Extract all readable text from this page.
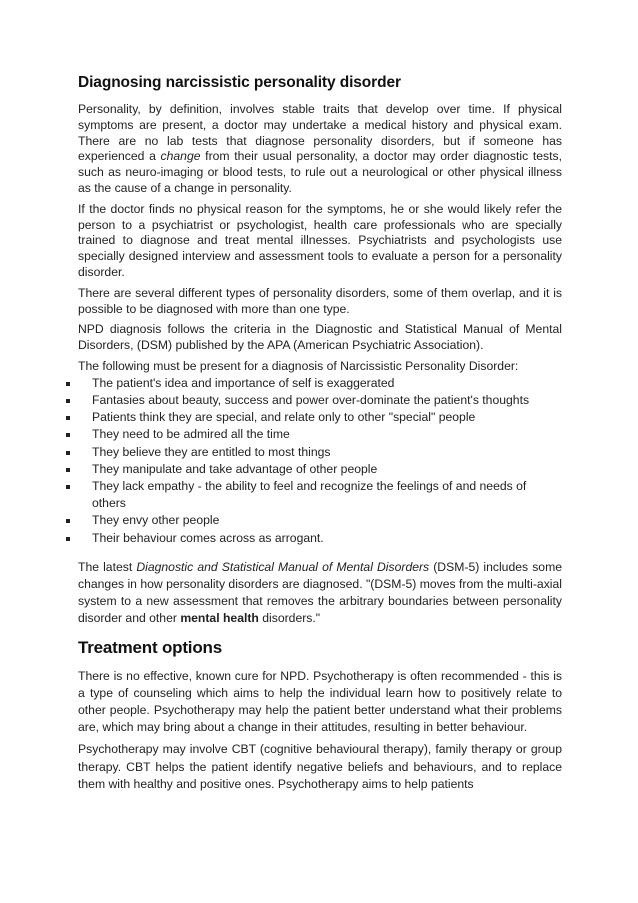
Diagnosing narcissistic personality disorder

Personality, by definition, involves stable traits that develop over time. If physical symptoms are present, a doctor may undertake a medical history and physical exam. There are no lab tests that diagnose personality disorders, but if someone has experienced a change from their usual personality, a doctor may order diagnostic tests, such as neuro-imaging or blood tests, to rule out a neurological or other physical illness as the cause of a change in personality.

If the doctor finds no physical reason for the symptoms, he or she would likely refer the person to a psychiatrist or psychologist, health care professionals who are specially trained to diagnose and treat mental illnesses. Psychiatrists and psychologists use specially designed interview and assessment tools to evaluate a person for a personality disorder.

There are several different types of personality disorders, some of them overlap, and it is possible to be diagnosed with more than one type.

NPD diagnosis follows the criteria in the Diagnostic and Statistical Manual of Mental Disorders, (DSM) published by the APA (American Psychiatric Association).

The following must be present for a diagnosis of Narcissistic Personality Disorder:

The patient's idea and importance of self is exaggerated
Fantasies about beauty, success and power over-dominate the patient's thoughts
Patients think they are special, and relate only to other "special" people
They need to be admired all the time
They believe they are entitled to most things
They manipulate and take advantage of other people
They lack empathy - the ability to feel and recognize the feelings of and needs of others
They envy other people
Their behaviour comes across as arrogant.

The latest Diagnostic and Statistical Manual of Mental Disorders (DSM-5) includes some changes in how personality disorders are diagnosed. "(DSM-5) moves from the multi-axial system to a new assessment that removes the arbitrary boundaries between personality disorder and other mental health disorders."

Treatment options

There is no effective, known cure for NPD. Psychotherapy is often recommended - this is a type of counseling which aims to help the individual learn how to positively relate to other people. Psychotherapy may help the patient better understand what their problems are, which may bring about a change in their attitudes, resulting in better behaviour.

Psychotherapy may involve CBT (cognitive behavioural therapy), family therapy or group therapy. CBT helps the patient identify negative beliefs and behaviours, and to replace them with healthy and positive ones. Psychotherapy aims to help patients
